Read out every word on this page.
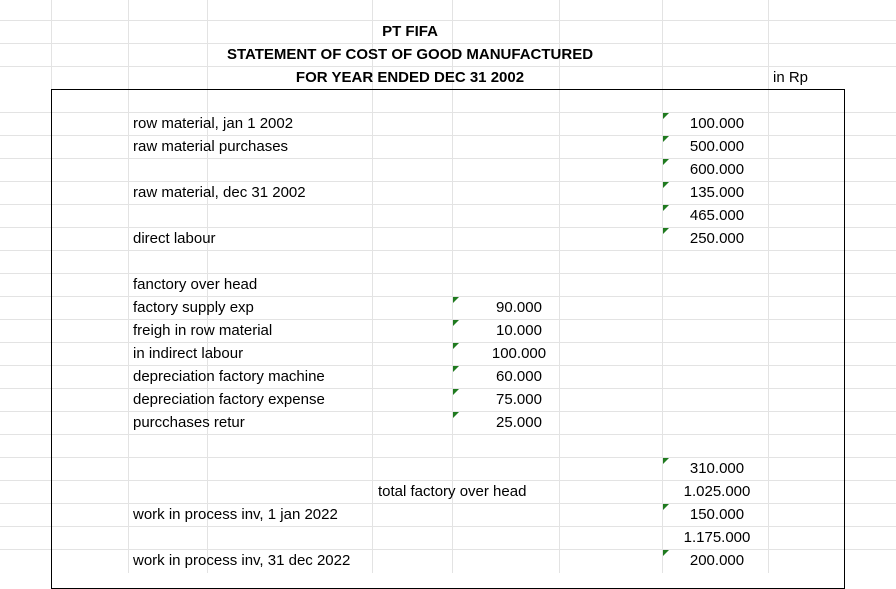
PT FIFA
STATEMENT OF COST OF GOOD MANUFACTURED
FOR YEAR ENDED DEC 31 2002	in Rp
row material, jan 1 2002
raw material purchases
raw material, dec 31 2002
direct labour
fanctory over head
factory supply exp
freigh in row material
in indirect labour
depreciation factory machine
depreciation factory expense
purcchases retur
total factory over head
work in process inv, 1 jan 2022
work in process inv, 31 dec 2022
90.000
10.000
100.000
60.000
75.000
25.000
100.000
500.000
600.000
135.000
465.000
250.000
310.000
1.025.000
150.000
1.175.000
200.000
